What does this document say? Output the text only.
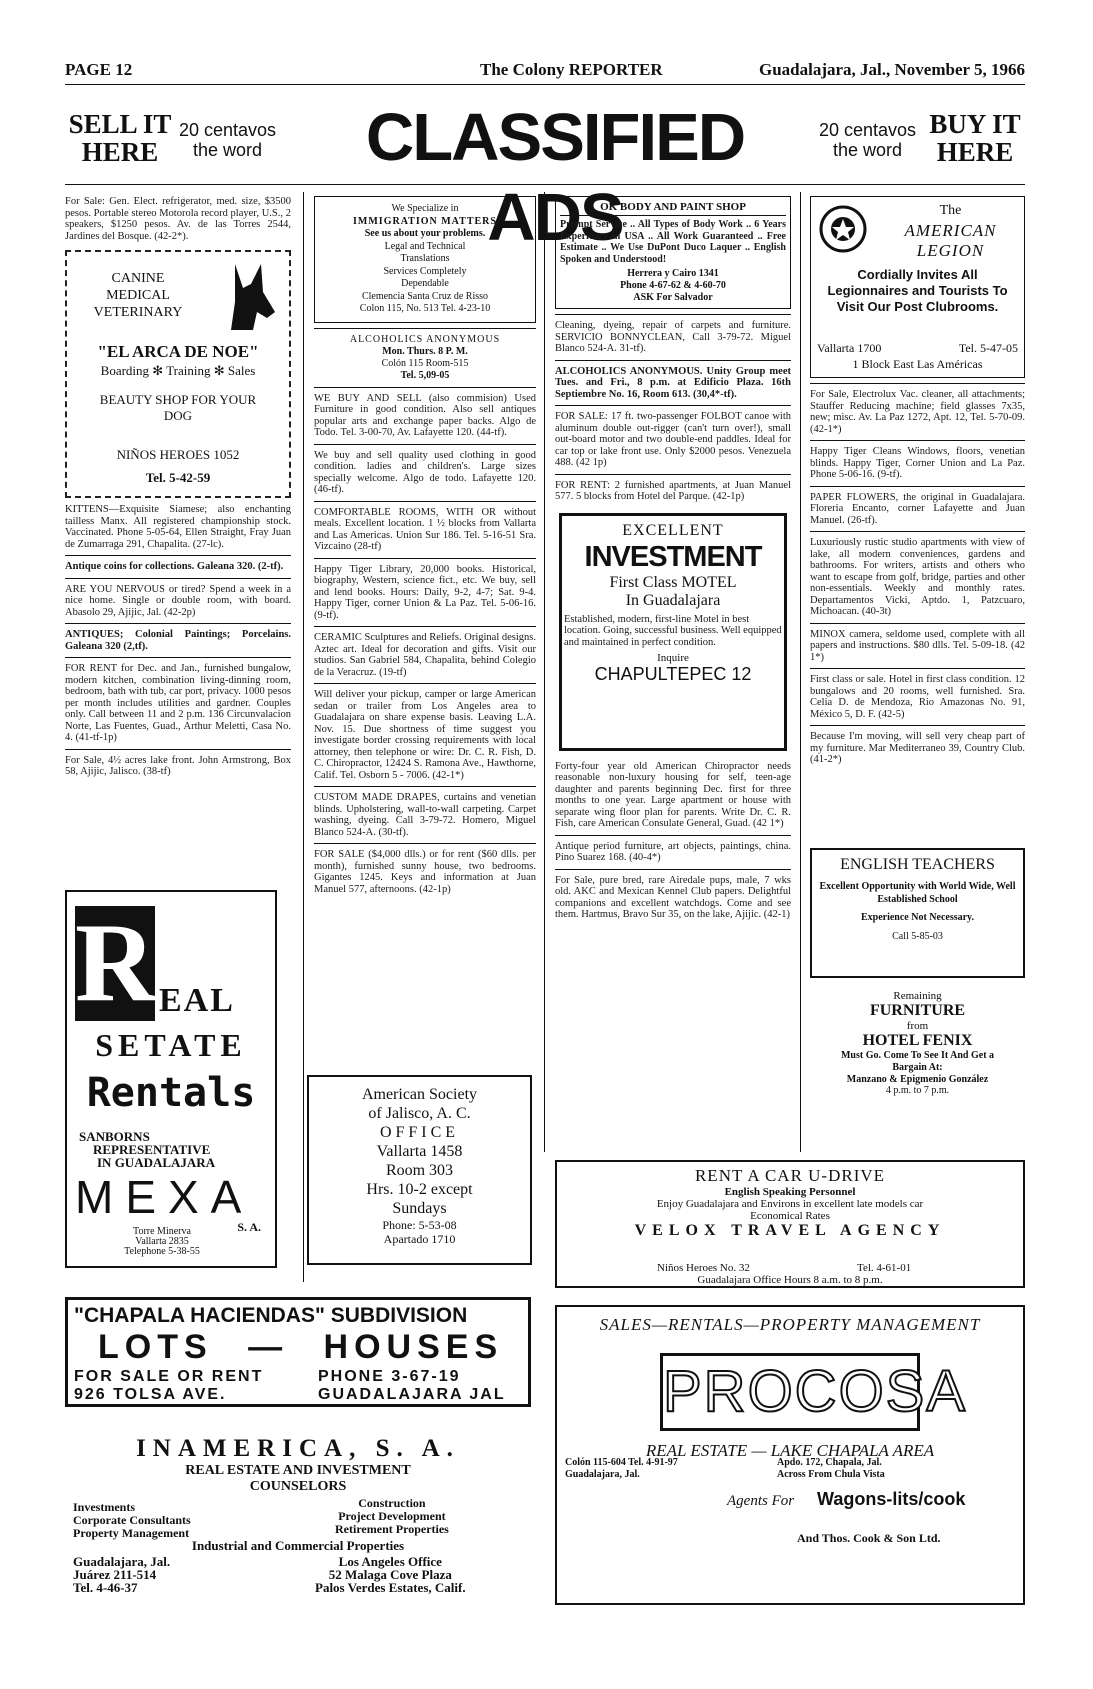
PAGE 12	The Colony REPORTER	Guadalajara, Jal., November 5, 1966
SELL IT
HERE
20 centavos
the word	CLASSIFIED ADS
20 centavos
the word
BUY IT
HERE

For Sale: Gen. Elect. refrigerator, med. size, $3500 pesos. Portable stereo Motorola record player, U.S., 2 speakers, $1250 pesos. Av. de las Torres 2544, Jardines del Bosque. (42-2*).

CANINE
MEDICAL
VETERINARY
"EL ARCA DE NOE"
Boarding ✻ Training ✻ Sales
BEAUTY SHOP FOR YOUR
DOG
NIÑOS HEROES 1052
Tel. 5-42-59

KITTENS—Exquisite Siamese; also enchanting tailless Manx. All registered championship stock. Vaccinated. Phone 5-05-64, Ellen Straight, Fray Juan de Zumarraga 291, Chapalita. (27-lc).

Antique coins for collections. Galeana 320. (2-tf).

ARE YOU NERVOUS or tired? Spend a week in a nice home. Single or double room, with board. Abasolo 29, Ajijic, Jal. (42-2p)

ANTIQUES; Colonial Paintings; Porcelains. Galeana 320 (2,tf).

FOR RENT for Dec. and Jan., furnished bungalow, modern kitchen, combination living-dinning room, bedroom, bath with tub, car port, privacy. 1000 pesos per month includes utilities and gardner. Couples only. Call between 11 and 2 p.m. 136 Circunvalacion Norte, Las Fuentes, Guad., Arthur Meletti, Casa No. 4. (41-tf-1p)

For Sale, 4½ acres lake front. John Armstrong, Box 58, Ajijic, Jalisco. (38-tf)

R EAL
SETATE
Rentals
SANBORNS
REPRESENTATIVE
IN GUADALAJARA
MEXA
S. A.
Torre Minerva
Vallarta 2835
Telephone 5-38-55
We Specialize in
IMMIGRATION MATTERS
See us about your problems.
Legal and Technical
Translations
Services Completely
Dependable
Clemencia Santa Cruz de Risso
Colon 115, No. 513 Tel. 4-23-10
ALCOHOLICS ANONYMOUS
Mon. Thurs. 8 P. M.
Colón 115 Room-515
Tel. 5,09-05

WE BUY AND SELL (also commision) Used Furniture in good condition. Also sell antiques popular arts and exchange paper backs. Algo de Todo. Tel. 3-00-70, Av. Lafayette 120. (44-tf).

We buy and sell quality used clothing in good condition. ladies and children's. Large sizes specially welcome. Algo de todo. Lafayette 120. (46-tf).

COMFORTABLE ROOMS, WITH OR without meals. Excellent location. 1 ½ blocks from Vallarta and Las Americas. Union Sur 186. Tel. 5-16-51 Sra. Vizcaino (28-tf)

Happy Tiger Library, 20,000 books. Historical, biography, Western, science fict., etc. We buy, sell and lend books. Hours: Daily, 9-2, 4-7; Sat. 9-4. Happy Tiger, corner Union & La Paz. Tel. 5-06-16. (9-tf).

CERAMIC Sculptures and Reliefs. Original designs. Aztec art. Ideal for decoration and gifts. Visit our studios. San Gabriel 584, Chapalita, behind Colegio de la Veracruz. (19-tf)

Will deliver your pickup, camper or large American sedan or trailer from Los Angeles area to Guadalajara on share expense basis. Leaving L.A. Nov. 15. Due shortness of time suggest you investigate border crossing requirements with local attorney, then telephone or wire: Dr. C. R. Fish, D. C. Chiropractor, 12424 S. Ramona Ave., Hawthorne, Calif. Tel. Osborn 5 - 7006. (42-1*)

CUSTOM MADE DRAPES, curtains and venetian blinds. Upholstering, wall-to-wall carpeting. Carpet washing, dyeing. Call 3-79-72. Homero, Miguel Blanco 524-A. (30-tf).

FOR SALE ($4,000 dlls.) or for rent ($60 dlls. per month), furnished sunny house, two bedrooms. Gigantes 1245. Keys and information at Juan Manuel 577, afternoons. (42-1p)

American Society
of Jalisco, A. C.
OFFICE
Vallarta 1458
Room 303
Hrs. 10-2 except
Sundays
Phone: 5-53-08
Apartado 1710
OK BODY AND PAINT SHOP

Prompt Service .. All Types of Body Work .. 6 Years Experience in USA .. All Work Guaranteed .. Free Estimate .. We Use DuPont Duco Laquer .. English Spoken and Understood!

Herrera y Cairo 1341
Phone 4-67-62 & 4-60-70
ASK For Salvador

Cleaning, dyeing, repair of carpets and furniture. SERVICIO BONNYCLEAN, Call 3-79-72. Miguel Blanco 524-A. 31-tf).

ALCOHOLICS ANONYMOUS. Unity Group meet Tues. and Fri., 8 p.m. at Edificio Plaza. 16th Septiembre No. 16, Room 613. (30,4*-tf).

FOR SALE: 17 ft. two-passenger FOLBOT canoe with aluminum double out-rigger (can't turn over!), small out-board motor and two double-end paddles. Ideal for car top or lake front use. Only $2000 pesos. Venezuela 488. (42 1p)

FOR RENT: 2 furnished apartments, at Juan Manuel 577. 5 blocks from Hotel del Parque. (42-1p)

EXCELLENT
INVESTMENT
First Class MOTEL
In Guadalajara

Established, modern, first-line Motel in best location. Going, successful business. Well equipped and maintained in perfect condition.

Inquire
CHAPULTEPEC 12

Forty-four year old American Chiropractor needs reasonable non-luxury housing for self, teen-age daughter and parents beginning Dec. first for three months to one year. Large apartment or house with separate wing floor plan for parents. Write Dr. C. R. Fish, care American Consulate General, Guad. (42 1*)

Antique period furniture, art objects, paintings, china. Pino Suarez 168. (40-4*)

For Sale, pure bred, rare Airedale pups, male, 7 wks old. AKC and Mexican Kennel Club papers. Delightful companions and excellent watchdogs. Come and see them. Hartmus, Bravo Sur 35, on the lake, Ajijic. (42-1)

The
AMERICAN
LEGION
Cordially Invites All Legionnaires and Tourists To Visit Our Post Clubrooms.
Vallarta 1700	Tel. 5-47-05
1 Block East Las Américas

For Sale, Electrolux Vac. cleaner, all attachments; Stauffer Reducing machine; field glasses 7x35, new; misc. Av. La Paz 1272, Apt. 12, Tel. 5-70-09. (42-1*)

Happy Tiger Cleans Windows, floors, venetian blinds. Happy Tiger, Corner Union and La Paz. Phone 5-06-16. (9-tf).

PAPER FLOWERS, the original in Guadalajara. Floreria Encanto, corner Lafayette and Juan Manuel. (26-tf).

Luxuriously rustic studio apartments with view of lake, all modern conveniences, gardens and bathrooms. For writers, artists and others who want to escape from golf, bridge, parties and other non-essentials. Weekly and monthly rates. Departamentos Vicki, Aptdo. 1, Patzcuaro, Michoacan. (40-3t)

MINOX camera, seldome used, complete with all papers and instructions. $80 dlls. Tel. 5-09-18. (42 1*)

First class or sale. Hotel in first class condition. 12 bungalows and 20 rooms, well furnished. Sra. Celia D. de Mendoza, Rio Amazonas No. 91, México 5, D. F. (42-5)

Because I'm moving, will sell very cheap part of my furniture. Mar Mediterraneo 39, Country Club. (41-2*)

ENGLISH TEACHERS
Excellent Opportunity with World Wide, Well Established School
Experience Not Necessary.
Call 5-85-03
Remaining
FURNITURE
from
HOTEL FENIX
Must Go. Come To See It And Get a Bargain At:
Manzano & Epigmenio González
4 p.m. to 7 p.m.
RENT A CAR U-DRIVE
English Speaking Personnel
Enjoy Guadalajara and Environs in excellent late models car
Economical Rates
VELOX TRAVEL AGENCY
Niños Heroes No. 32	Tel. 4-61-01
Guadalajara Office Hours 8 a.m. to 8 p.m.
"CHAPALA HACIENDAS" SUBDIVISION
LOTS — HOUSES
FOR SALE OR RENT	PHONE 3-67-19
926 TOLSA AVE.	GUADALAJARA JAL
INAMERICA, S. A.
REAL ESTATE AND INVESTMENT
COUNSELORS
Investments
Corporate Consultants
Property Management
Construction
Project Development
Retirement Properties
Industrial and Commercial Properties
Guadalajara, Jal.
Juárez 211-514
Tel. 4-46-37
Los Angeles Office
52 Malaga Cove Plaza
Palos Verdes Estates, Calif.
SALES—RENTALS—PROPERTY MANAGEMENT
PROCOSA
REAL ESTATE — LAKE CHAPALA AREA
Colón 115-604 Tel. 4-91-97
Guadalajara, Jal.
Apdo. 172, Chapala, Jal.
Across From Chula Vista
Agents For Wagons-lits/cook
And Thos. Cook & Son Ltd.
